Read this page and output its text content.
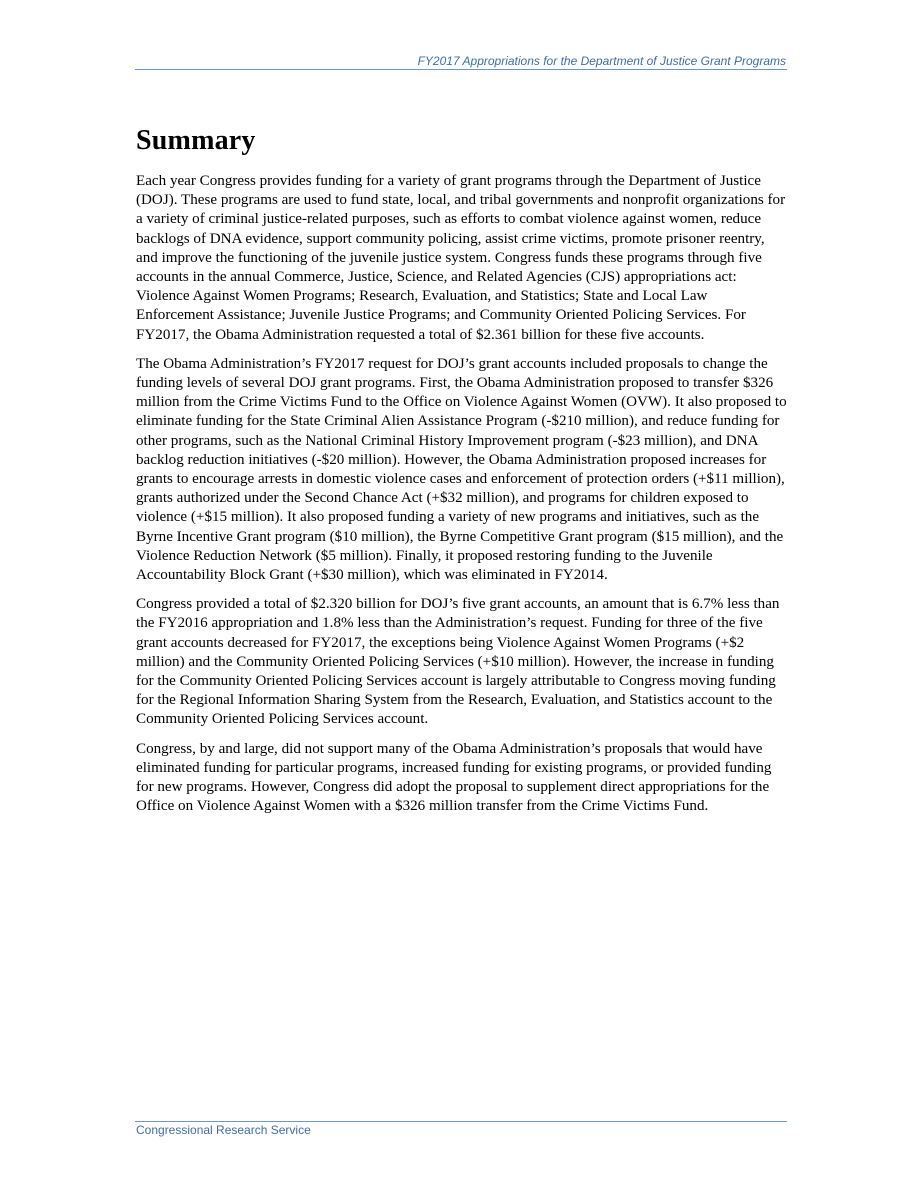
FY2017 Appropriations for the Department of Justice Grant Programs
Summary

Each year Congress provides funding for a variety of grant programs through the Department of Justice (DOJ). These programs are used to fund state, local, and tribal governments and nonprofit organizations for a variety of criminal justice-related purposes, such as efforts to combat violence against women, reduce backlogs of DNA evidence, support community policing, assist crime victims, promote prisoner reentry, and improve the functioning of the juvenile justice system. Congress funds these programs through five accounts in the annual Commerce, Justice, Science, and Related Agencies (CJS) appropriations act: Violence Against Women Programs; Research, Evaluation, and Statistics; State and Local Law Enforcement Assistance; Juvenile Justice Programs; and Community Oriented Policing Services. For FY2017, the Obama Administration requested a total of $2.361 billion for these five accounts.

The Obama Administration’s FY2017 request for DOJ’s grant accounts included proposals to change the funding levels of several DOJ grant programs. First, the Obama Administration proposed to transfer $326 million from the Crime Victims Fund to the Office on Violence Against Women (OVW). It also proposed to eliminate funding for the State Criminal Alien Assistance Program (-$210 million), and reduce funding for other programs, such as the National Criminal History Improvement program (-$23 million), and DNA backlog reduction initiatives (-$20 million). However, the Obama Administration proposed increases for grants to encourage arrests in domestic violence cases and enforcement of protection orders (+$11 million), grants authorized under the Second Chance Act (+$32 million), and programs for children exposed to violence (+$15 million). It also proposed funding a variety of new programs and initiatives, such as the Byrne Incentive Grant program ($10 million), the Byrne Competitive Grant program ($15 million), and the Violence Reduction Network ($5 million). Finally, it proposed restoring funding to the Juvenile Accountability Block Grant (+$30 million), which was eliminated in FY2014.

Congress provided a total of $2.320 billion for DOJ’s five grant accounts, an amount that is 6.7% less than the FY2016 appropriation and 1.8% less than the Administration’s request. Funding for three of the five grant accounts decreased for FY2017, the exceptions being Violence Against Women Programs (+$2 million) and the Community Oriented Policing Services (+$10 million). However, the increase in funding for the Community Oriented Policing Services account is largely attributable to Congress moving funding for the Regional Information Sharing System from the Research, Evaluation, and Statistics account to the Community Oriented Policing Services account.

Congress, by and large, did not support many of the Obama Administration’s proposals that would have eliminated funding for particular programs, increased funding for existing programs, or provided funding for new programs. However, Congress did adopt the proposal to supplement direct appropriations for the Office on Violence Against Women with a $326 million transfer from the Crime Victims Fund.

Congressional Research Service
